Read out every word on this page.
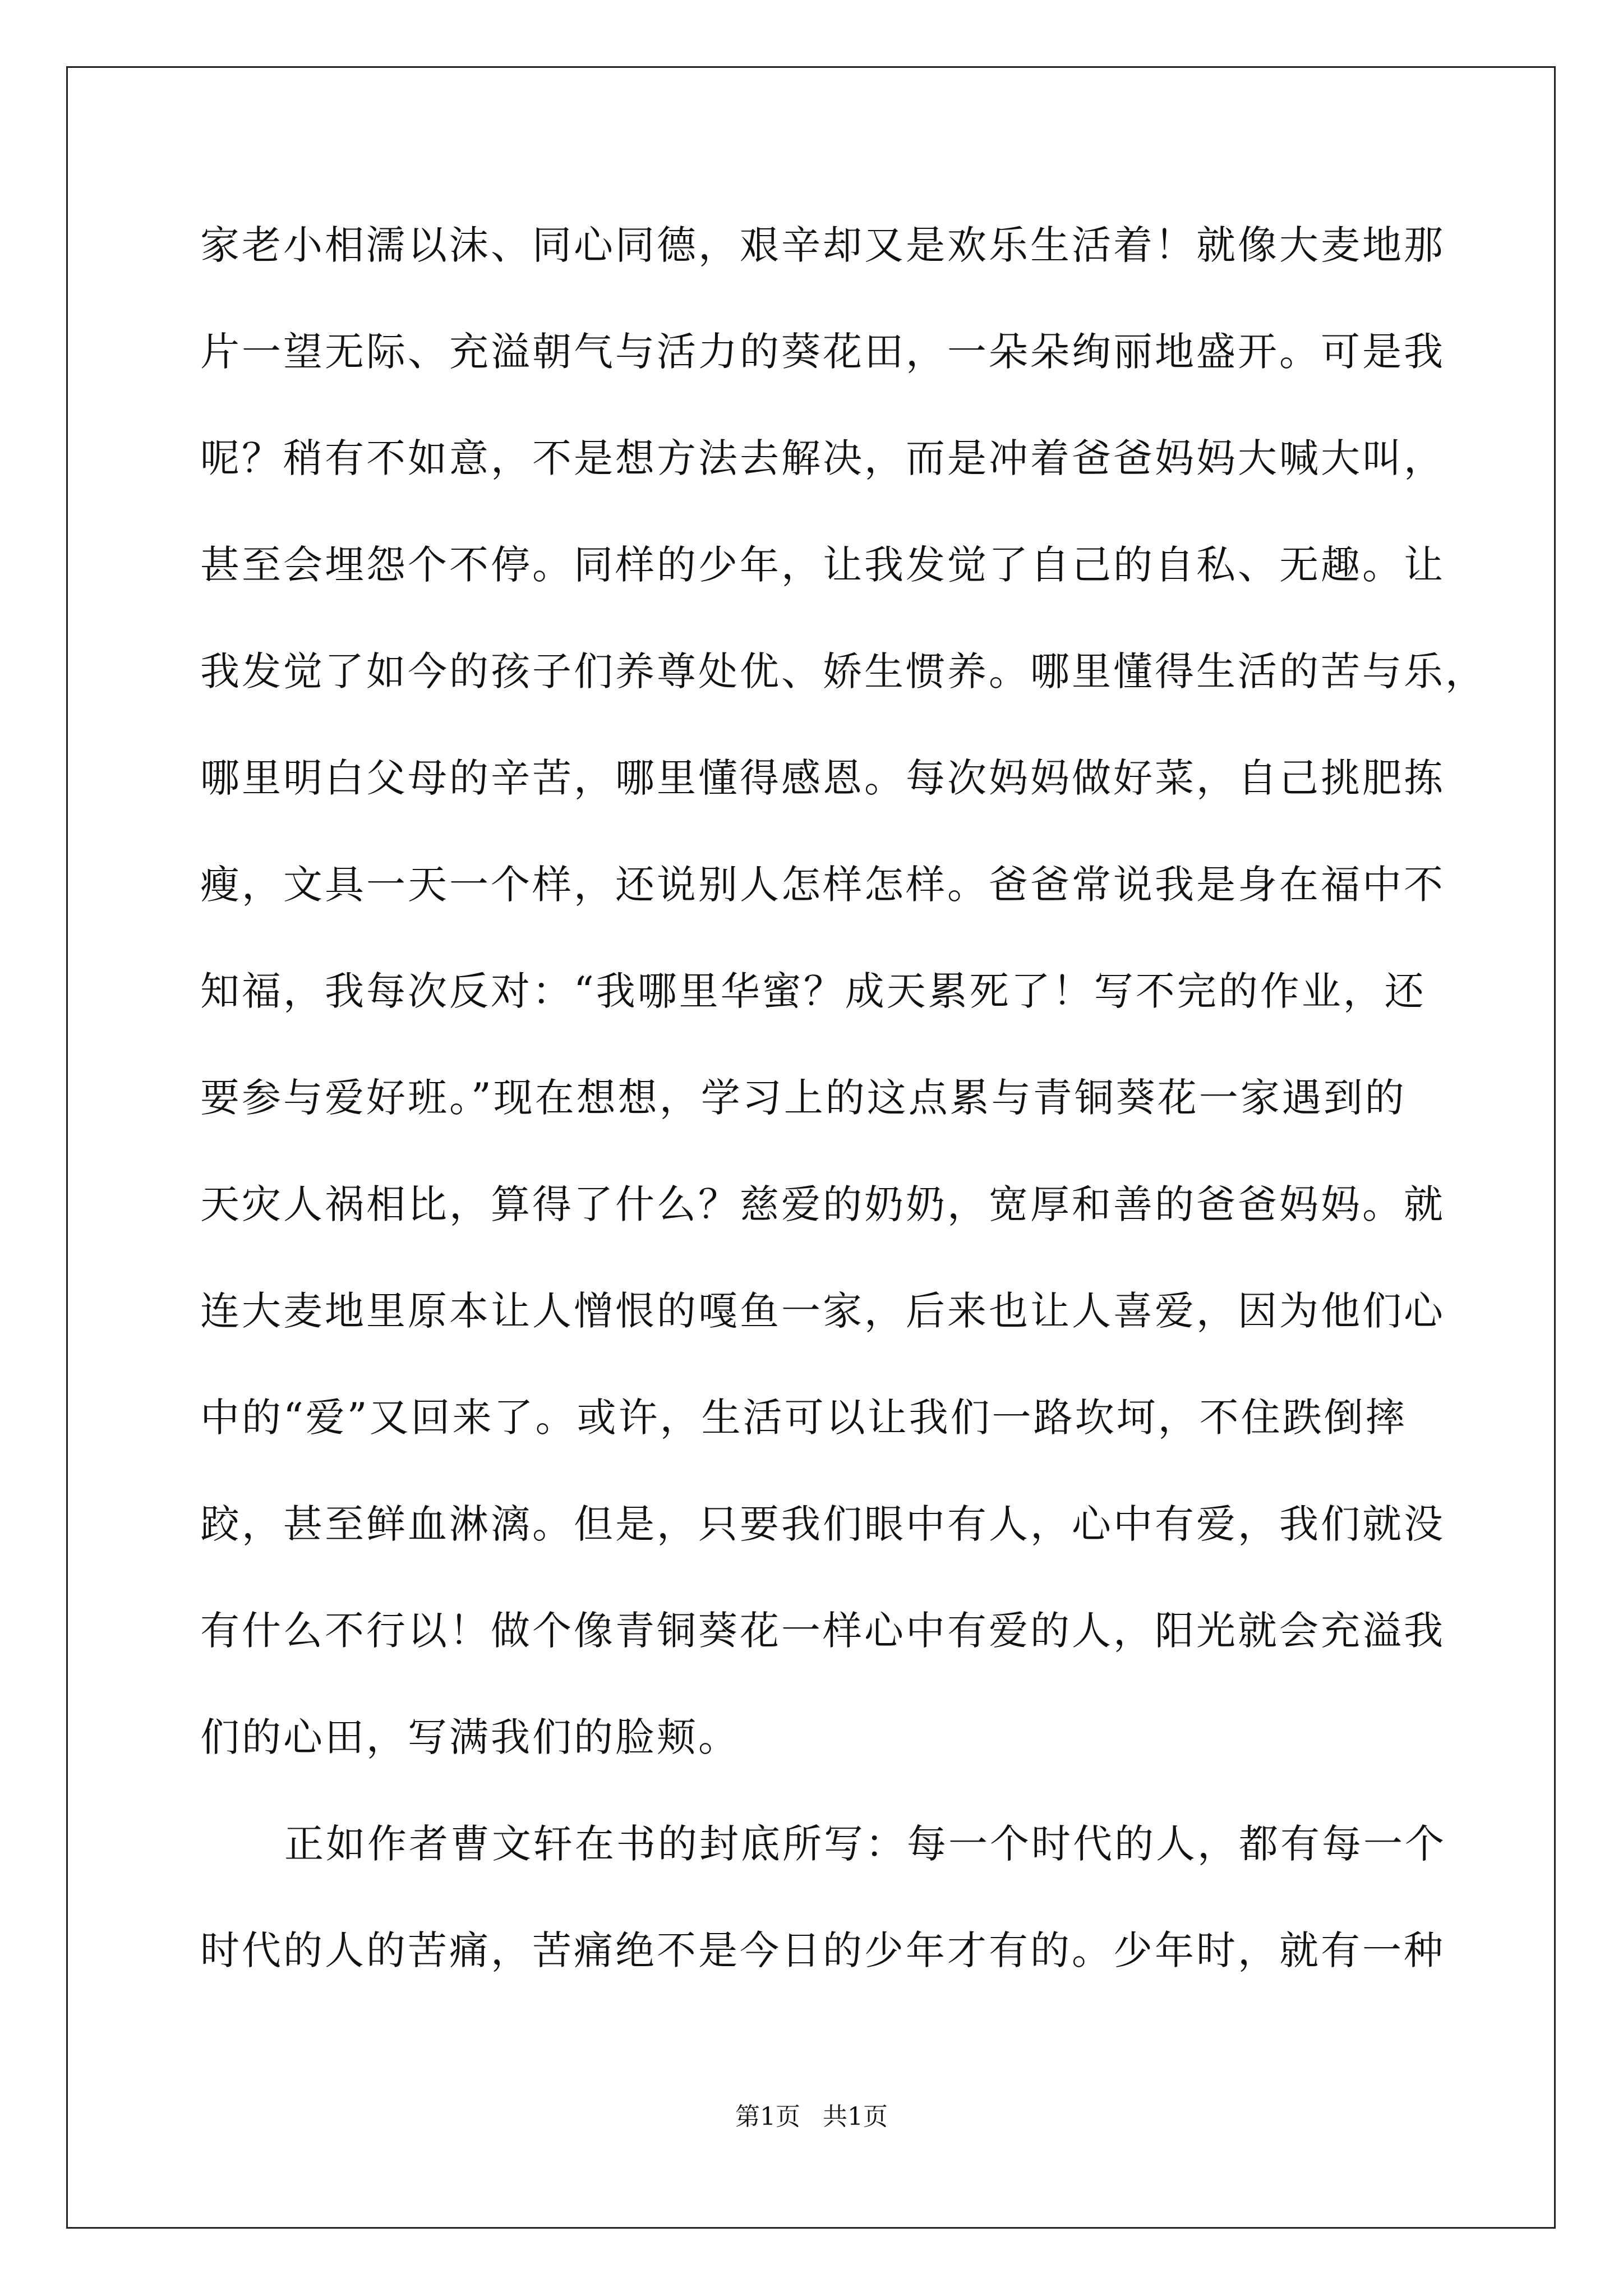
家老小相濡以沫、同心同德，艰辛却又是欢乐生活着！就像大麦地那
片一望无际、充溢朝气与活力的葵花田，一朵朵绚丽地盛开。可是我
呢？稍有不如意，不是想方法去解决，而是冲着爸爸妈妈大喊大叫，
甚至会埋怨个不停。同样的少年，让我发觉了自己的自私、无趣。让
我发觉了如今的孩子们养尊处优、娇生惯养。哪里懂得生活的苦与乐，
哪里明白父母的辛苦，哪里懂得感恩。每次妈妈做好菜，自己挑肥拣
瘦，文具一天一个样，还说别人怎样怎样。爸爸常说我是身在福中不
知福，我每次反对：“我哪里华蜜？成天累死了！写不完的作业，还
要参与爱好班。”现在想想，学习上的这点累与青铜葵花一家遇到的
天灾人祸相比，算得了什么？慈爱的奶奶，宽厚和善的爸爸妈妈。就
连大麦地里原本让人憎恨的嘎鱼一家，后来也让人喜爱，因为他们心
中的“爱”又回来了。或许，生活可以让我们一路坎坷，不住跌倒摔
跤，甚至鲜血淋漓。但是，只要我们眼中有人，心中有爱，我们就没
有什么不行以！做个像青铜葵花一样心中有爱的人，阳光就会充溢我
们的心田，写满我们的脸颊。
正如作者曹文轩在书的封底所写：每一个时代的人，都有每一个
时代的人的苦痛，苦痛绝不是今日的少年才有的。少年时，就有一种
第1页 共1页
